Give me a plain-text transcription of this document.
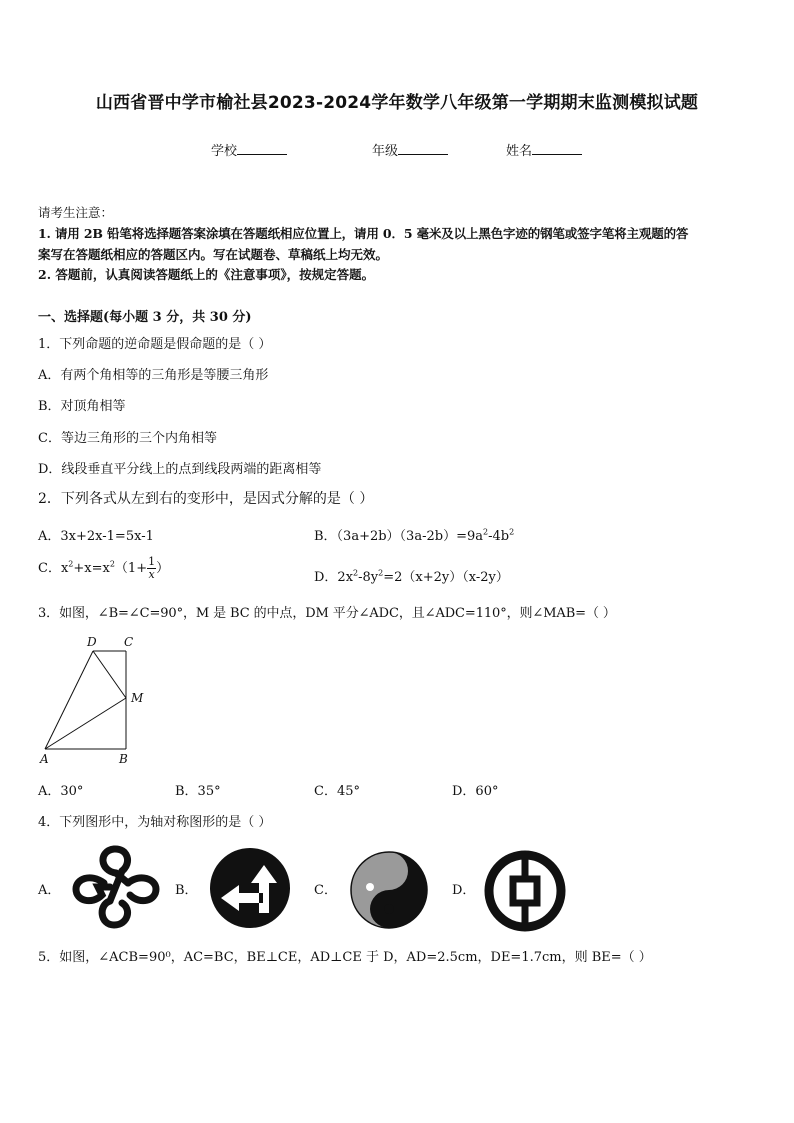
山西省晋中学市榆社县2023-2024学年数学八年级第一学期期末监测模拟试题
学校	年级	姓名
请考生注意：
1. 请用 2B 铅笔将选择题答案涂填在答题纸相应位置上，请用 0．5 毫米及以上黑色字迹的钢笔或签字笔将主观题的答
案写在答题纸相应的答题区内。写在试题卷、草稿纸上均无效。
2. 答题前，认真阅读答题纸上的《注意事项》，按规定答题。
一、选择题(每小题 3 分，共 30 分)
1．下列命题的逆命题是假命题的是（ ）
A．有两个角相等的三角形是等腰三角形
B．对顶角相等
C．等边三角形的三个内角相等
D．线段垂直平分线上的点到线段两端的距离相等
2．下列各式从左到右的变形中，是因式分解的是（ ）
A．3x+2x-1=5x-1	B．$(3a+2b)(3a-2b)=9a^2-4b^2$
C．$x^2+x=x^2(1+ \frac{1}{x}$ ）
D．$2x^2-8y^2=2(x+2y)(x-2y)$
3．如图，∠B=∠C=90°，M 是 BC 的中点，DM 平分∠ADC，且∠ADC=110°，则∠MAB=（ ）
D C
M
A	B
A．30°	B．35°	C．45°	D．60°
4．下列图形中，为轴对称图形的是（ ）
A．	B．	C．	D．
5．如图，∠ACB=90⁰，AC=BC，BE⊥CE，AD⊥CE 于 D，AD=2.5cm，DE=1.7cm，则 BE=（ ）
